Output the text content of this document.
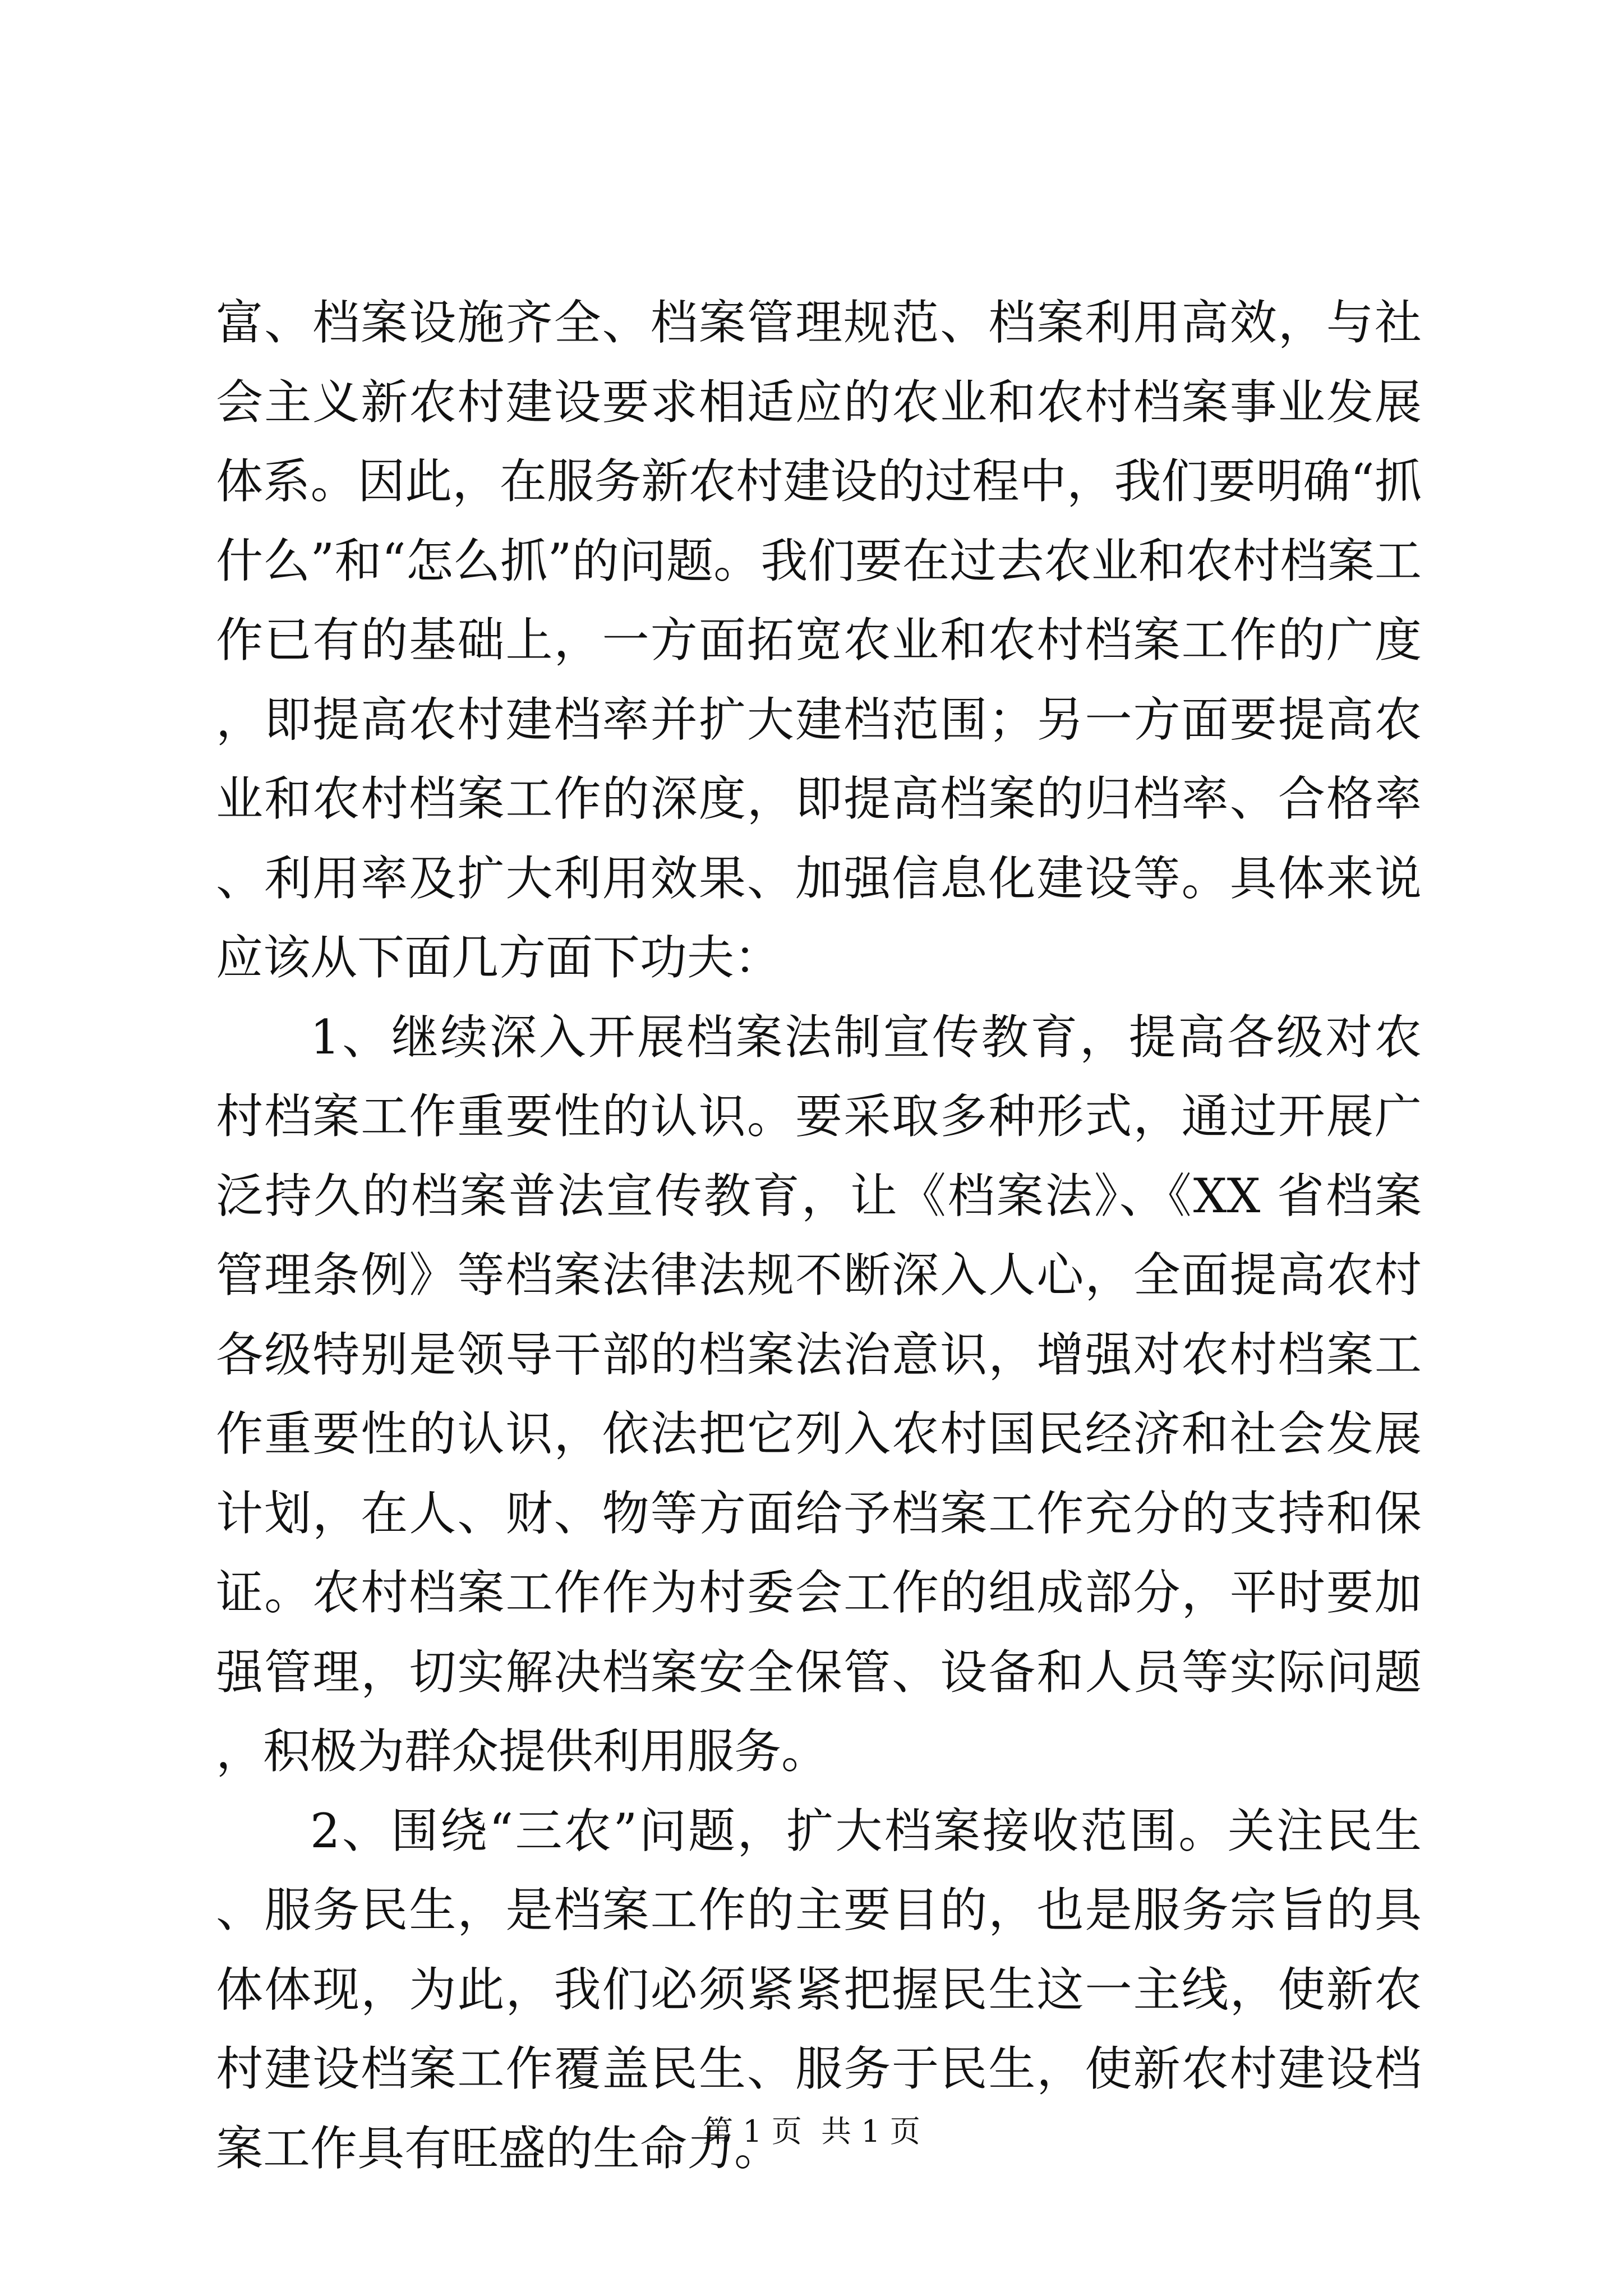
富、档案设施齐全、档案管理规范、档案利用高效，与社会主义新农村建设要求相适应的农业和农村档案事业发展体系。因此，在服务新农村建设的过程中，我们要明确“抓什么”和“怎么抓”的问题。我们要在过去农业和农村档案工作已有的基础上，一方面拓宽农业和农村档案工作的广度，即提高农村建档率并扩大建档范围；另一方面要提高农业和农村档案工作的深度，即提高档案的归档率、合格率、利用率及扩大利用效果、加强信息化建设等。具体来说应该从下面几方面下功夫：

1、继续深入开展档案法制宣传教育，提高各级对农村档案工作重要性的认识。要采取多种形式，通过开展广泛持久的档案普法宣传教育，让《档案法》、《XX 省档案管理条例》等档案法律法规不断深入人心，全面提高农村各级特别是领导干部的档案法治意识，增强对农村档案工作重要性的认识，依法把它列入农村国民经济和社会发展计划，在人、财、物等方面给予档案工作充分的支持和保证。农村档案工作作为村委会工作的组成部分，平时要加强管理，切实解决档案安全保管、设备和人员等实际问题，积极为群众提供利用服务。

2、围绕“三农”问题，扩大档案接收范围。关注民生、服务民生，是档案工作的主要目的，也是服务宗旨的具体体现，为此，我们必须紧紧把握民生这一主线，使新农村建设档案工作覆盖民生、服务于民生，使新农村建设档案工作具有旺盛的生命力。

第 1 页  共 1 页
